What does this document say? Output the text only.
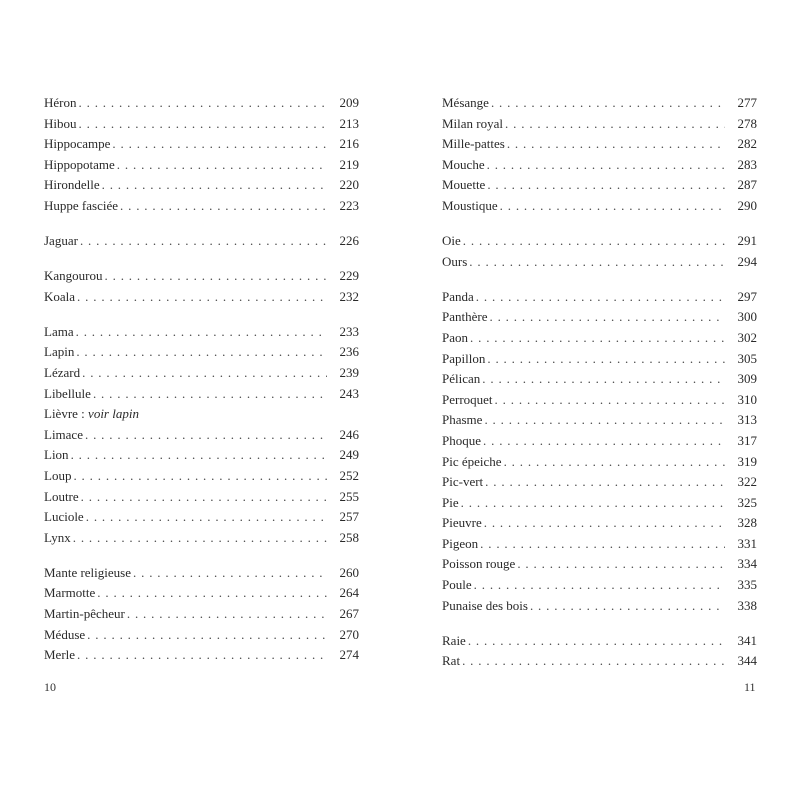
Héron . . .	209
Hibou . . .	213
Hippocampe . . .	216
Hippopotame . . .	219
Hirondelle . . .	220
Huppe fasciée . . .	223
Jaguar . . .	226
Kangourou . . .	229
Koala . . .	232
Lama . . .	233
Lapin . . .	236
Lézard . . .	239
Libellule . . .	243
Lièvre : voir lapin
Limace . . .	246
Lion . . .	249
Loup . . .	252
Loutre . . .	255
Luciole . . .	257
Lynx . . .	258
Mante religieuse . . .	260
Marmotte . . .	264
Martin-pêcheur . . .	267
Méduse . . .	270
Merle . . .	274
10
Mésange . . .	277
Milan royal . . .	278
Mille-pattes . . .	282
Mouche . . .	283
Mouette . . .	287
Moustique . . .	290
Oie . . .	291
Ours . . .	294
Panda . . .	297
Panthère . . .	300
Paon . . .	302
Papillon . . .	305
Pélican . . .	309
Perroquet . . .	310
Phasme . . .	313
Phoque . . .	317
Pic épeiche . . .	319
Pic-vert . . .	322
Pie . . .	325
Pieuvre . . .	328
Pigeon . . .	331
Poisson rouge . . .	334
Poule . . .	335
Punaise des bois . . .	338
Raie . . .	341
Rat . . .	344
11
